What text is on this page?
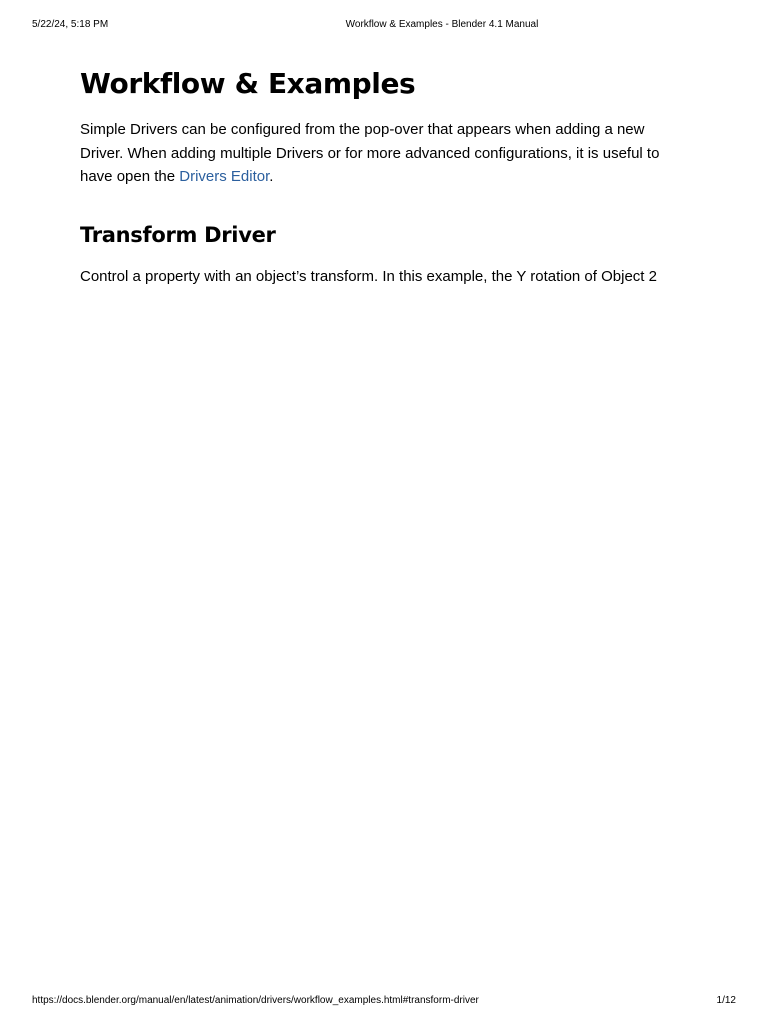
5/22/24, 5:18 PM	Workflow & Examples - Blender 4.1 Manual
Workflow & Examples

Simple Drivers can be configured from the pop-over that appears when adding a new Driver. When adding multiple Drivers or for more advanced configurations, it is useful to have open the Drivers Editor.

Transform Driver

Control a property with an object’s transform. In this example, the Y rotation of Object 2

https://docs.blender.org/manual/en/latest/animation/drivers/workflow_examples.html#transform-driver	1/12
